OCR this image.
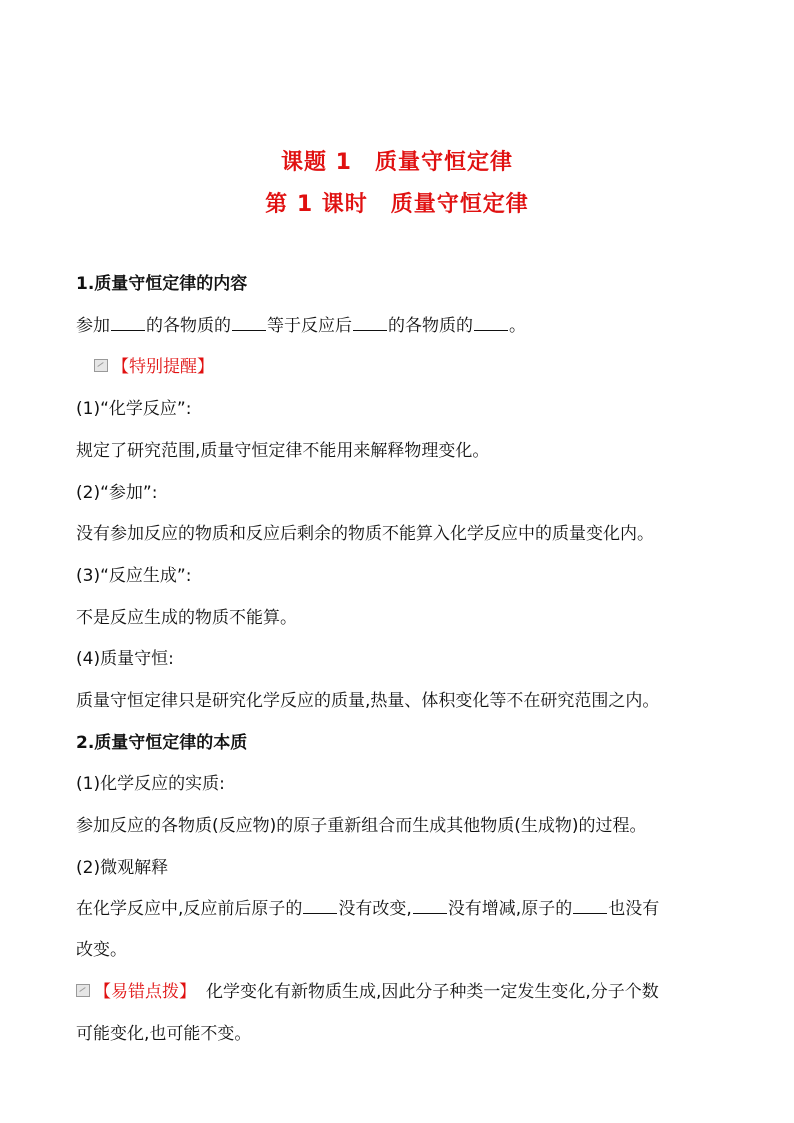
课题 1　质量守恒定律
第 1 课时　质量守恒定律
1.质量守恒定律的内容
参加 的各物质的 等于反应后 的各物质的 。
【特别提醒】
(1)“化学反应”:
规定了研究范围,质量守恒定律不能用来解释物理变化。
(2)“参加”:
没有参加反应的物质和反应后剩余的物质不能算入化学反应中的质量变化内。
(3)“反应生成”:
不是反应生成的物质不能算。
(4)质量守恒:
质量守恒定律只是研究化学反应的质量,热量、体积变化等不在研究范围之内。
2.质量守恒定律的本质
(1)化学反应的实质:
参加反应的各物质(反应物)的原子重新组合而生成其他物质(生成物)的过程。
(2)微观解释
在化学反应中,反应前后原子的 没有改变, 没有增减,原子的 也没有
改变。
【易错点拨】 化学变化有新物质生成,因此分子种类一定发生变化,分子个数
可能变化,也可能不变。
